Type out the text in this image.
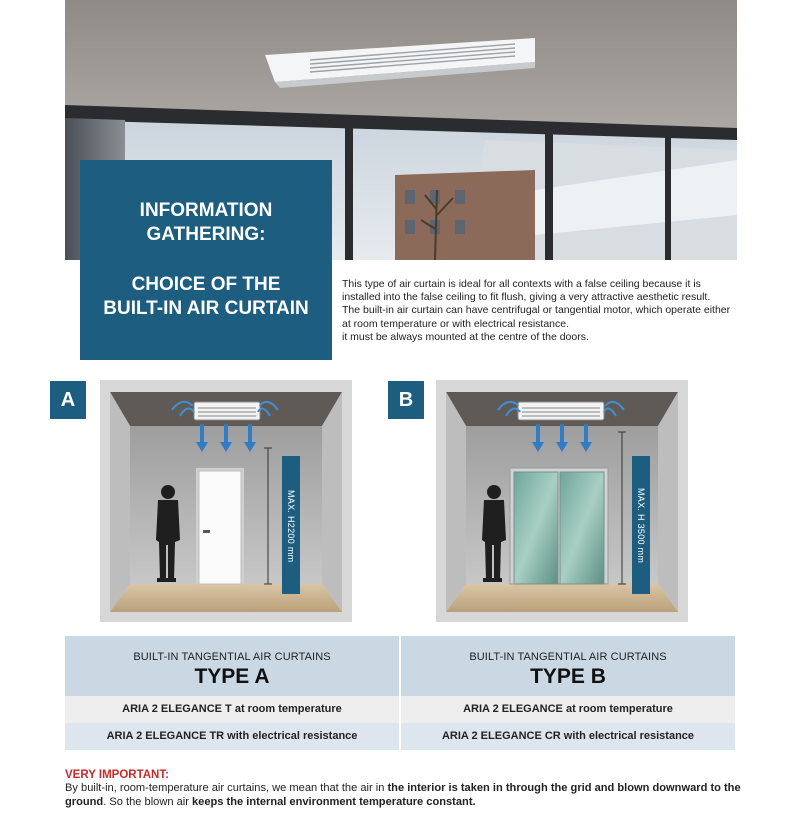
INFORMATION
GATHERING:
CHOICE OF THE
BUILT-IN AIR CURTAIN

This type of air curtain is ideal for all contexts with a false ceiling because it is installed into the false ceiling to fit flush, giving a very attractive aesthetic result.

The built-in air curtain can have centrifugal or tangential motor, which operate either at room temperature or with electrical resistance.

it must be always mounted at the centre of the doors.

A	B
MAX. H2200 mm	MAX. H 3500 mm
BUILT-IN TANGENTIAL AIR CURTAINS
TYPE A
BUILT-IN TANGENTIAL AIR CURTAINS
TYPE B
ARIA 2 ELEGANCE T at room temperature	ARIA 2 ELEGANCE at room temperature
ARIA 2 ELEGANCE TR with electrical resistance	ARIA 2 ELEGANCE CR with electrical resistance
VERY IMPORTANT:
By built-in, room-temperature air curtains, we mean that the air in the interior is taken in through the grid and blown downward to the ground. So the blown air keeps the internal environment temperature constant.
